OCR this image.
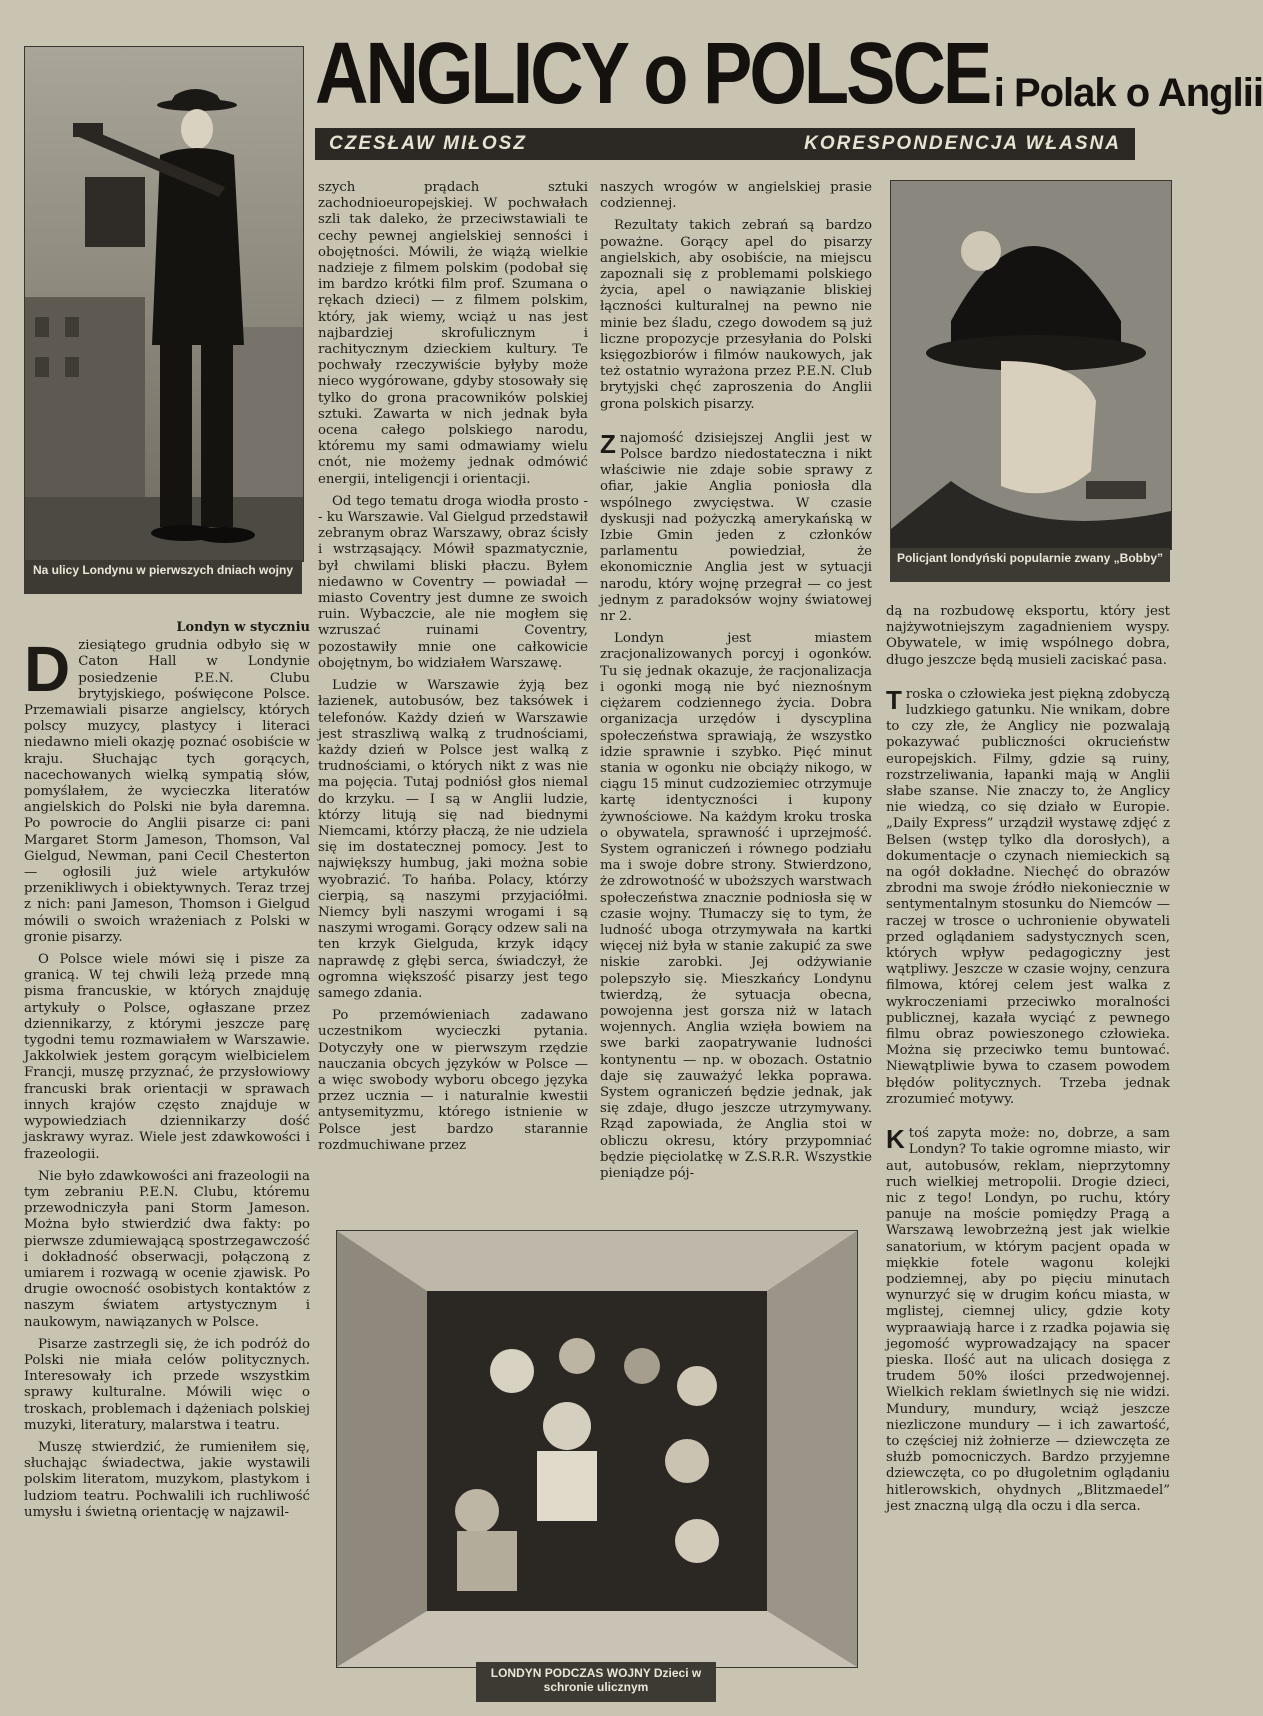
Na ulicy Londynu w pierwszych dniach wojny
ANGLICY o POLSCE i Polak o Anglii
CZESŁAW MIŁOSZ	KORESPONDENCJA WŁASNA
Policjant londyński popularnie zwany „Bobby”
Londyn w styczniu

Dziesiątego grudnia odbyło się w Caton Hall w Londynie posiedzenie P.E.N. Clubu brytyjskiego, poświęcone Polsce. Przemawiali pisarze angielscy, których polscy muzycy, plastycy i literaci niedawno mieli okazję poznać osobiście w kraju. Słuchając tych gorących, nacechowanych wielką sympatią słów, pomyślałem, że wycieczka literatów angielskich do Polski nie była daremna. Po powrocie do Anglii pisarze ci: pani Margaret Storm Jameson, Thomson, Val Gielgud, Newman, pani Cecil Chesterton — ogłosili już wiele artykułów przenikliwych i obiektywnych. Teraz trzej z nich: pani Jameson, Thomson i Gielgud mówili o swoich wrażeniach z Polski w gronie pisarzy.

O Polsce wiele mówi się i pisze za granicą. W tej chwili leżą przede mną pisma francuskie, w których znajduję artykuły o Polsce, ogłaszane przez dziennikarzy, z którymi jeszcze parę tygodni temu rozmawiałem w Warszawie. Jakkolwiek jestem gorącym wielbicielem Francji, muszę przyznać, że przysłowiowy francuski brak orientacji w sprawach innych krajów często znajduje w wypowiedziach dziennikarzy dość jaskrawy wyraz. Wiele jest zdawkowości i frazeologii.

Nie było zdawkowości ani frazeologii na tym zebraniu P.E.N. Clubu, któremu przewodniczyła pani Storm Jameson. Można było stwierdzić dwa fakty: po pierwsze zdumiewającą spostrzegawczość i dokładność obserwacji, połączoną z umiarem i rozwagą w ocenie zjawisk. Po drugie owocność osobistych kontaktów z naszym światem artystycznym i naukowym, nawiązanych w Polsce.

Pisarze zastrzegli się, że ich podróż do Polski nie miała celów politycznych. Interesowały ich przede wszystkim sprawy kulturalne. Mówili więc o troskach, problemach i dążeniach polskiej muzyki, literatury, malarstwa i teatru.

Muszę stwierdzić, że rumieniłem się, słuchając świadectwa, jakie wystawili polskim literatom, muzykom, plastykom i ludziom teatru. Pochwalili ich ruchliwość umysłu i świetną orientację w najzawil-

szych prądach sztuki zachodnioeuropejskiej. W pochwałach szli tak daleko, że przeciwstawiali te cechy pewnej angielskiej senności i obojętności. Mówili, że wiążą wielkie nadzieje z filmem polskim (podobał się im bardzo krótki film prof. Szumana o rękach dzieci) — z filmem polskim, który, jak wiemy, wciąż u nas jest najbardziej skrofulicznym i rachitycznym dzieckiem kultury. Te pochwały rzeczywiście byłyby może nieco wygórowane, gdyby stosowały się tylko do grona pracowników polskiej sztuki. Zawarta w nich jednak była ocena całego polskiego narodu, któremu my sami odmawiamy wielu cnót, nie możemy jednak odmówić energii, inteligencji i orientacji.

Od tego tematu droga wiodła prosto -- ku Warszawie. Val Gielgud przedstawił zebranym obraz Warszawy, obraz ścisły i wstrząsający. Mówił spazmatycznie, był chwilami bliski płaczu. Byłem niedawno w Coventry — powiadał — miasto Coventry jest dumne ze swoich ruin. Wybaczcie, ale nie mogłem się wzruszać ruinami Coventry, pozostawiły mnie one całkowicie obojętnym, bo widziałem Warszawę.

Ludzie w Warszawie żyją bez łazienek, autobusów, bez taksówek i telefonów. Każdy dzień w Warszawie jest straszliwą walką z trudnościami, każdy dzień w Polsce jest walką z trudnościami, o których nikt z was nie ma pojęcia. Tutaj podniósł głos niemal do krzyku. — I są w Anglii ludzie, którzy litują się nad biednymi Niemcami, którzy płaczą, że nie udziela się im dostatecznej pomocy. Jest to największy humbug, jaki można sobie wyobrazić. To hańba. Polacy, którzy cierpią, są naszymi przyjaciółmi. Niemcy byli naszymi wrogami i są naszymi wrogami. Gorący odzew sali na ten krzyk Gielguda, krzyk idący naprawdę z głębi serca, świadczył, że ogromna większość pisarzy jest tego samego zdania.

Po przemówieniach zadawano uczestnikom wycieczki pytania. Dotyczyły one w pierwszym rzędzie nauczania obcych języków w Polsce — a więc swobody wyboru obcego języka przez ucznia — i naturalnie kwestii antysemityzmu, którego istnienie w Polsce jest bardzo starannie rozdmuchiwane przez

naszych wrogów w angielskiej prasie codziennej.

Rezultaty takich zebrań są bardzo poważne. Gorący apel do pisarzy angielskich, aby osobiście, na miejscu zapoznali się z problemami polskiego życia, apel o nawiązanie bliskiej łączności kulturalnej na pewno nie minie bez śladu, czego dowodem są już liczne propozycje przesyłania do Polski księgozbiorów i filmów naukowych, jak też ostatnio wyrażona przez P.E.N. Club brytyjski chęć zaproszenia do Anglii grona polskich pisarzy.

Znajomość dzisiejszej Anglii jest w Polsce bardzo niedostateczna i nikt właściwie nie zdaje sobie sprawy z ofiar, jakie Anglia poniosła dla wspólnego zwycięstwa. W czasie dyskusji nad pożyczką amerykańską w Izbie Gmin jeden z członków parlamentu powiedział, że ekonomicznie Anglia jest w sytuacji narodu, który wojnę przegrał — co jest jednym z paradoksów wojny światowej nr 2.

Londyn jest miastem zracjonalizowanych porcyj i ogonków. Tu się jednak okazuje, że racjonalizacja i ogonki mogą nie być nieznośnym ciężarem codziennego życia. Dobra organizacja urzędów i dyscyplina społeczeństwa sprawiają, że wszystko idzie sprawnie i szybko. Pięć minut stania w ogonku nie obciąży nikogo, w ciągu 15 minut cudzoziemiec otrzymuje kartę identyczności i kupony żywnościowe. Na każdym kroku troska o obywatela, sprawność i uprzejmość. System ograniczeń i równego podziału ma i swoje dobre strony. Stwierdzono, że zdrowotność w uboższych warstwach społeczeństwa znacznie podniosła się w czasie wojny. Tłumaczy się to tym, że ludność uboga otrzymywała na kartki więcej niż była w stanie zakupić za swe niskie zarobki. Jej odżywianie polepszyło się. Mieszkańcy Londynu twierdzą, że sytuacja obecna, powojenna jest gorsza niż w latach wojennych. Anglia wzięła bowiem na swe barki zaopatrywanie ludności kontynentu — np. w obozach. Ostatnio daje się zauważyć lekka poprawa. System ograniczeń będzie jednak, jak się zdaje, długo jeszcze utrzymywany. Rząd zapowiada, że Anglia stoi w obliczu okresu, który przypomniać będzie pięciolatkę w Z.S.R.R. Wszystkie pieniądze pój-

dą na rozbudowę eksportu, który jest najżywotniejszym zagadnieniem wyspy. Obywatele, w imię wspólnego dobra, długo jeszcze będą musieli zaciskać pasa.

Troska o człowieka jest piękną zdobyczą ludzkiego gatunku. Nie wnikam, dobre to czy złe, że Anglicy nie pozwalają pokazywać publiczności okrucieństw europejskich. Filmy, gdzie są ruiny, rozstrzeliwania, łapanki mają w Anglii słabe szanse. Nie znaczy to, że Anglicy nie wiedzą, co się działo w Europie. „Daily Express” urządził wystawę zdjęć z Belsen (wstęp tylko dla dorosłych), a dokumentacje o czynach niemieckich są na ogół dokładne. Niechęć do obrazów zbrodni ma swoje źródło niekoniecznie w sentymentalnym stosunku do Niemców — raczej w trosce o uchronienie obywateli przed oglądaniem sadystycznych scen, których wpływ pedagogiczny jest wątpliwy. Jeszcze w czasie wojny, cenzura filmowa, której celem jest walka z wykroczeniami przeciwko moralności publicznej, kazała wyciąć z pewnego filmu obraz powieszonego człowieka. Można się przeciwko temu buntować. Niewątpliwie bywa to czasem powodem błędów politycznych. Trzeba jednak zrozumieć motywy.

Ktoś zapyta może: no, dobrze, a sam Londyn? To takie ogromne miasto, wir aut, autobusów, reklam, nieprzytomny ruch wielkiej metropolii. Drogie dzieci, nic z tego! Londyn, po ruchu, który panuje na moście pomiędzy Pragą a Warszawą lewobrzeżną jest jak wielkie sanatorium, w którym pacjent opada w miękkie fotele wagonu kolejki podziemnej, aby po pięciu minutach wynurzyć się w drugim końcu miasta, w mglistej, ciemnej ulicy, gdzie koty wypraawiają harce i z rzadka pojawia się jegomość wyprowadzający na spacer pieska. Ilość aut na ulicach dosięga z trudem 50% ilości przedwojennej. Wielkich reklam świetlnych się nie widzi. Mundury, mundury, wciąż jeszcze niezliczone mundury — i ich zawartość, to częściej niż żołnierze — dziewczęta ze służb pomocniczych. Bardzo przyjemne dziewczęta, co po długoletnim oglądaniu hitlerowskich, ohydnych „Blitzmaedel” jest znaczną ulgą dla oczu i dla serca.

LONDYN PODCZAS WOJNY Dzieci w schronie ulicznym
